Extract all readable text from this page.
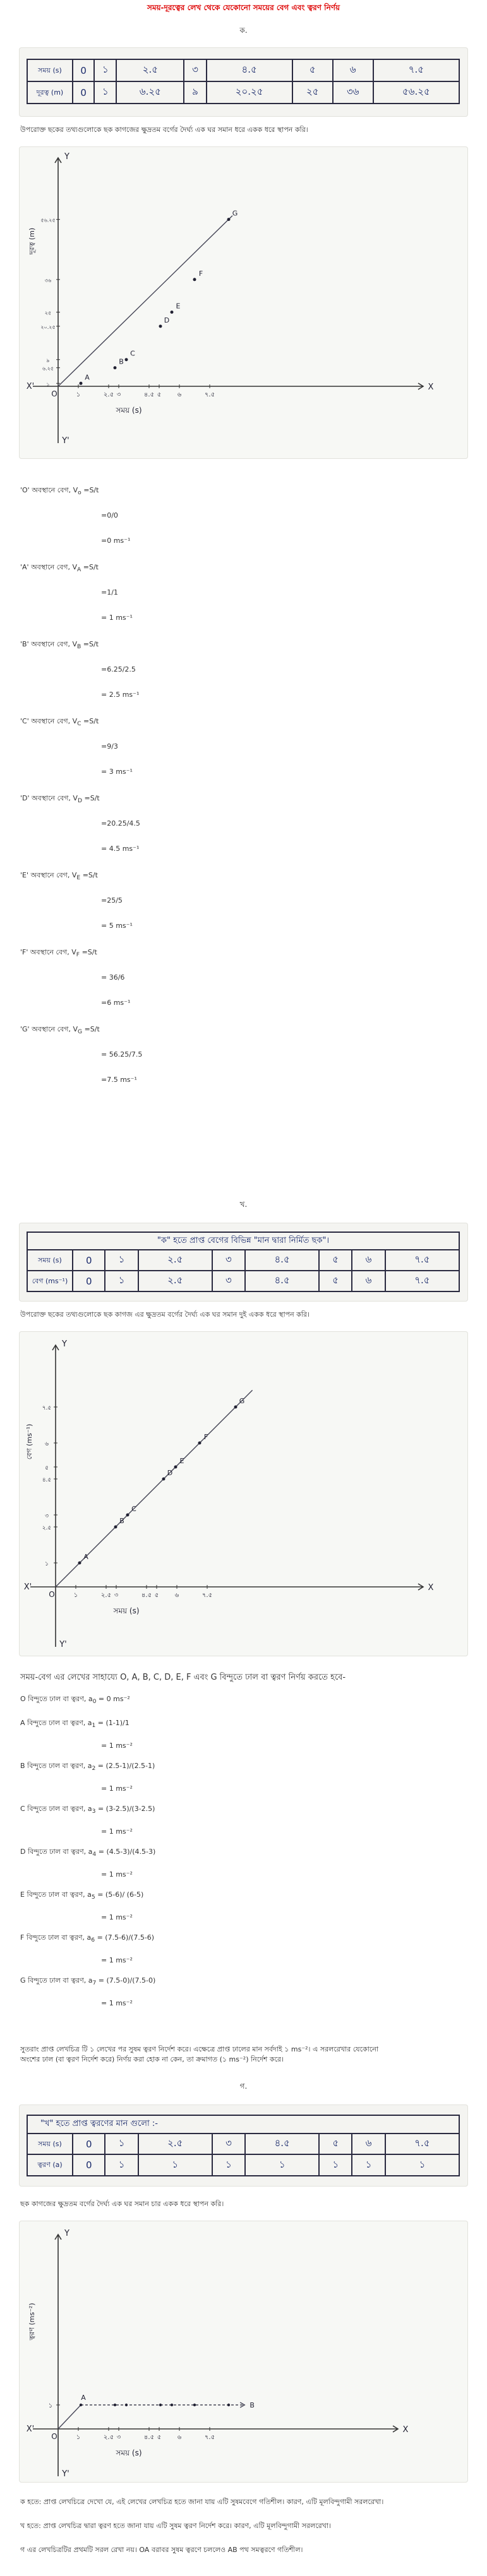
সময়-দূরত্বের লেখ থেকে যেকোনো সময়ের বেগ এবং ত্বরণ নির্ণয়
ক.
সময় (s)	0	১	২.৫	৩	৪.৫	৫	৬	৭.৫
দূরত্ব (m)	0	১	৬.২৫	৯	২০.২৫	২৫	৩৬	৫৬.২৫
উপরোক্ত ছকের তথ্যগুলোকে ছক কাগজের ক্ষুদ্রতম বর্গের দৈর্ঘ্য এক ঘর সমান ধরে একক ধরে স্থাপন করি।
X'	X
Y
Y'
O	১	২.৫ ৩	৪.৫ ৫	৬	৭.৫
সময় (s)
দূরত্ব (m)
A
১
B
৬.২৫
C
৯
D
২০.২৫
E
২৫
F
৩৬
G
৫৬.২৫
'O' অবস্থানে বেগ, $V_o =S/t$
=0/0
=0 ms⁻¹
'A' অবস্থানে বেগ, $V_A =S/t$
=1/1
= 1 ms⁻¹
'B' অবস্থানে বেগ, $V_B =S/t$
=6.25/2.5
= 2.5 ms⁻¹
'C' অবস্থানে বেগ, $V_C =S/t$
=9/3
= 3 ms⁻¹
'D' অবস্থানে বেগ, $V_D =S/t$
=20.25/4.5
= 4.5 ms⁻¹
'E' অবস্থানে বেগ, $V_E =S/t$
=25/5
= 5 ms⁻¹
'F' অবস্থানে বেগ, $V_F =S/t$
= 36/6
=6 ms⁻¹
'G' অবস্থানে বেগ, $V_G =S/t$
= 56.25/7.5
=7.5 ms⁻¹
খ.
"ক" হতে প্রাপ্ত বেগের বিভিন্ন "মান দ্বারা নির্মিত ছক"।								
সময় (s)	0	১	২.৫	৩	৪.৫	৫	৬	৭.৫
বেগ (ms⁻¹)	0	১	২.৫	৩	৪.৫	৫	৬	৭.৫
উপরোক্ত ছকের তথ্যগুলোকে ছক কাগজ এর ক্ষুদ্রতম বর্গের দৈর্ঘ্য এক ঘর সমান দুই একক ধরে স্থাপন করি।
X'	X
Y
Y'
O	১	২.৫ ৩	৪.৫ ৫	৬	৭.৫
সময় (s)
বেগ (ms⁻¹)
A
১
B
২.৫
C
৩
D
৪.৫
E
৫
F
৬
G
৭.৫
সময়-বেগ এর লেখের সাহায্যে O, A, B, C, D, E, F এবং G বিন্দুতে ঢাল বা ত্বরণ নির্ণয় করতে হবে-
O বিন্দুতে ঢাল বা ত্বরণ, $a_0 = 0$ ms⁻²
A বিন্দুতে ঢাল বা ত্বরণ, $a_1 = (1-1)/1$
= 1 ms⁻²
B বিন্দুতে ঢাল বা ত্বরণ, $a_2 = (2.5-1)/(2.5-1)$
= 1 ms⁻²
C বিন্দুতে ঢাল বা ত্বরণ, $a_3 = (3-2.5)/(3-2.5)$
= 1 ms⁻²
D বিন্দুতে ঢাল বা ত্বরণ, $a_4 = (4.5-3)/(4.5-3)$
= 1 ms⁻²
E বিন্দুতে ঢাল বা ত্বরণ, $a_5 = (5-6)/$ (6-5)
= 1 ms⁻²
F বিন্দুতে ঢাল বা ত্বরণ, $a_6 = (7.5-6)/(7.5-6)$
= 1 ms⁻²
G বিন্দুতে ঢাল বা ত্বরণ, $a_7 = (7.5-0)/(7.5-0)$
= 1 ms⁻²
সুতরাং প্রাপ্ত লেখচিত্র টি ১ লেখের পর সুষম ত্বরণ নির্দেশ করে। এক্ষেত্রে প্রাপ্ত ঢালের মান সর্বদাই ১ ms⁻²। এ সরলরেখার যেকোনো
অংশের ঢাল (বা ত্বরণ নির্দেশ করে) নির্ণয় করা হোক না কেন, তা ক্রমাগত (১ ms⁻²) নির্দেশ করে।
গ.
"খ" হতে প্রাপ্ত ত্বরণের মান গুলো :-								
সময় (s)	0	১	২.৫	৩	৪.৫	৫	৬	৭.৫
ত্বরণ (a)	0	১	১	১	১	১	১	১
ছক কাগজের ক্ষুদ্রতম বর্গের দৈর্ঘ্য এক ঘর সমান চার একক ধরে স্থাপন করি।
X'	X
Y
Y'
O	১	২.৫ ৩	৪.৫ ৫	৬	৭.৫
সময় (s)
ত্বরণ (ms⁻²)
A
B
১
ক হতে: প্রাপ্ত লেখচিত্রে দেখো যে, এই লেখের লেখচিত্র হতে জানা যায় এটি সুষমবেগে গতিশীল। কারণ, এটি মূলবিন্দুগামী সরলরেখা।
খ হতে: প্রাপ্ত লেখচিত্র দ্বারা ত্বরণ হতে জানা যায় এটি সুষম ত্বরণ নির্দেশ করে। কারণ, এটি মূলবিন্দুগামী সরলরেখা।
গ এর লেখচিত্রটির প্রথমটি সরল রেখা নয়। OA বরাবর সুষম ত্বরণে চললেও AB পথ সমত্বরণে গতিশীল।
